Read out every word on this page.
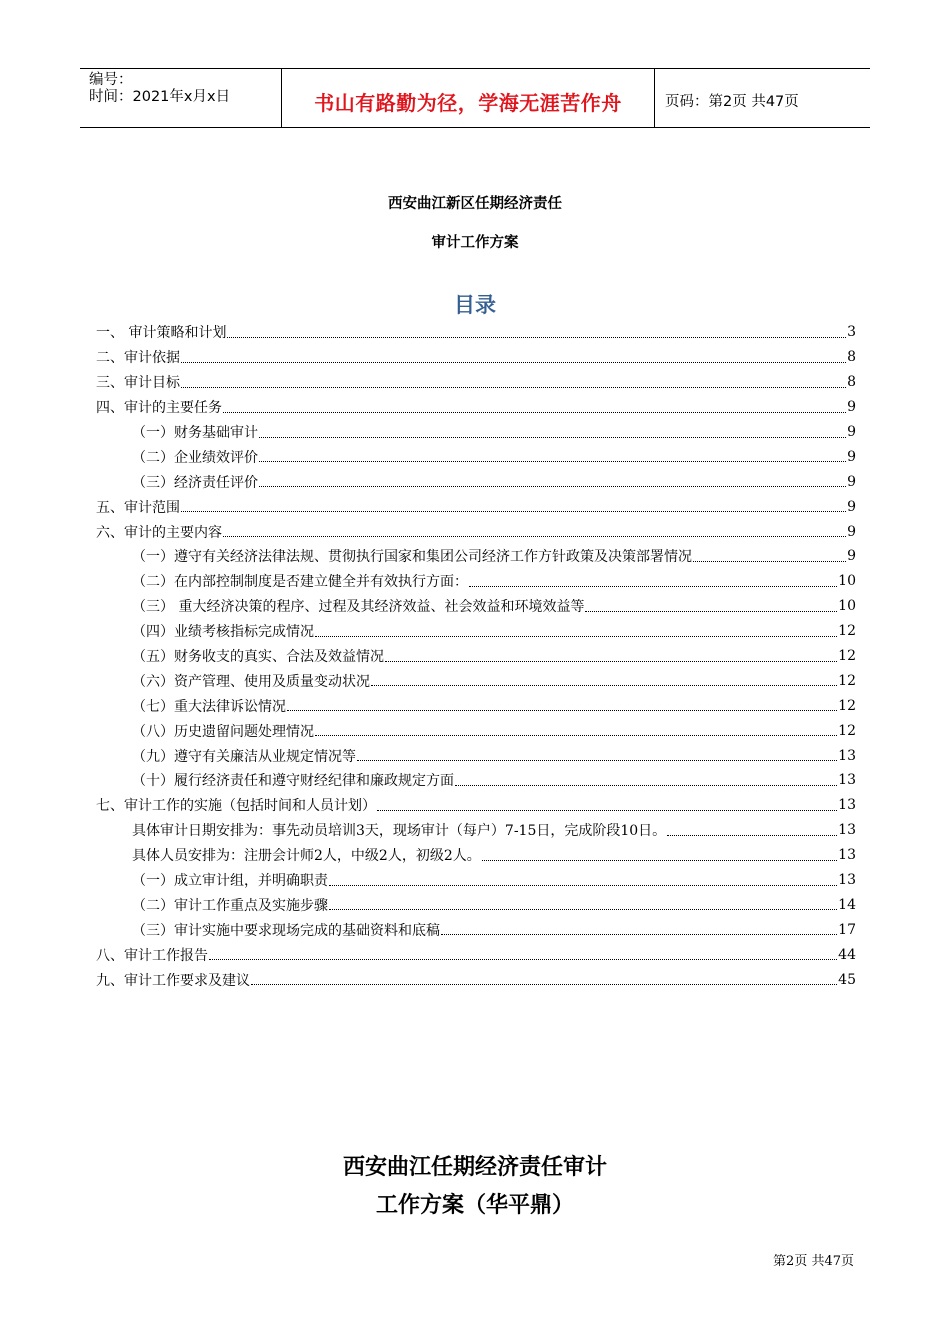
编号：
时间：2021年x月x日	书山有路勤为径，学海无涯苦作舟	页码：第2页 共47页
西安曲江新区任期经济责任
审计工作方案
目录
一、 审计策略和计划	3
二、审计依据	8
三、审计目标	8
四、审计的主要任务	9
（一）财务基础审计	9
（二）企业绩效评价	9
（三）经济责任评价	9
五、审计范围	9
六、审计的主要内容	9
（一）遵守有关经济法律法规、贯彻执行国家和集团公司经济工作方针政策及决策部署情况	9
（二）在内部控制制度是否建立健全并有效执行方面：	10
（三） 重大经济决策的程序、过程及其经济效益、社会效益和环境效益等	10
（四）业绩考核指标完成情况	12
（五）财务收支的真实、合法及效益情况	12
（六）资产管理、使用及质量变动状况	12
（七）重大法律诉讼情况	12
（八）历史遗留问题处理情况	12
（九）遵守有关廉洁从业规定情况等	13
（十）履行经济责任和遵守财经纪律和廉政规定方面	13
七、审计工作的实施（包括时间和人员计划）	13
具体审计日期安排为：事先动员培训3天，现场审计（每户）7-15日，完成阶段10日。	13
具体人员安排为：注册会计师2人，中级2人，初级2人。	13
（一）成立审计组，并明确职责	13
（二）审计工作重点及实施步骤	14
（三）审计实施中要求现场完成的基础资料和底稿	17
八、审计工作报告	44
九、审计工作要求及建议	45
西安曲江任期经济责任审计
工作方案（华平鼎）
第2页 共47页
